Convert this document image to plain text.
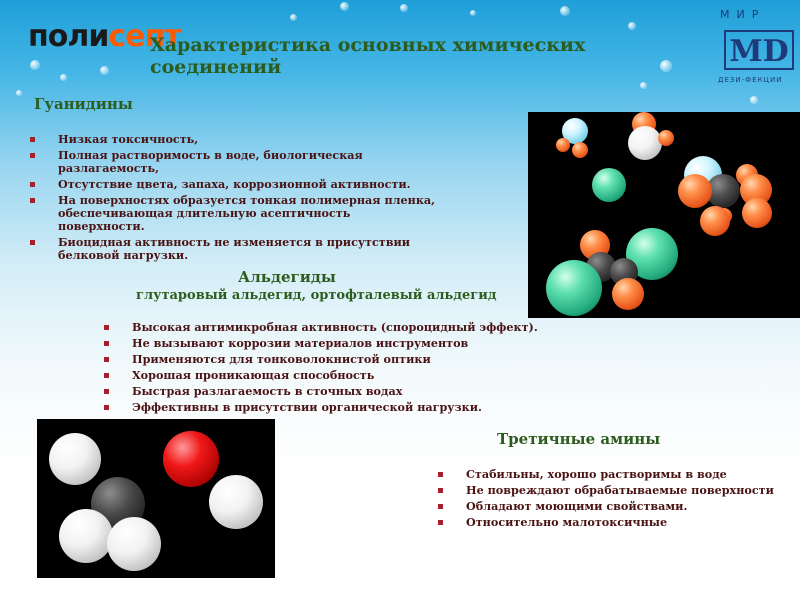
полисепт
Характеристика основных химических соединений
МИР
MD
ДЕЗИ-ФЕКЦИИ
Гуанидины
Низкая токсичность,
Полная растворимость в воде, биологическая разлагаемость,
Отсутствие цвета, запаха, коррозионной активности.
На поверхностях образуется тонкая полимерная пленка, обеспечивающая длительную асептичность поверхности.
Биоцидная активность не изменяется в присутствии белковой нагрузки.
Альдегиды
глутаровый альдегид, ортофталевый альдегид
Высокая антимикробная активность (спороцидный эффект).
Не вызывают коррозии материалов инструментов
Применяются для тонковолокнистой оптики
Хорошая проникающая способность
Быстрая разлагаемость в сточных водах
Эффективны в присутствии органической нагрузки.
Третичные амины
Стабильны, хорошо растворимы в воде
Не повреждают обрабатываемые поверхности
Обладают моющими свойствами.
Относительно малотоксичные
